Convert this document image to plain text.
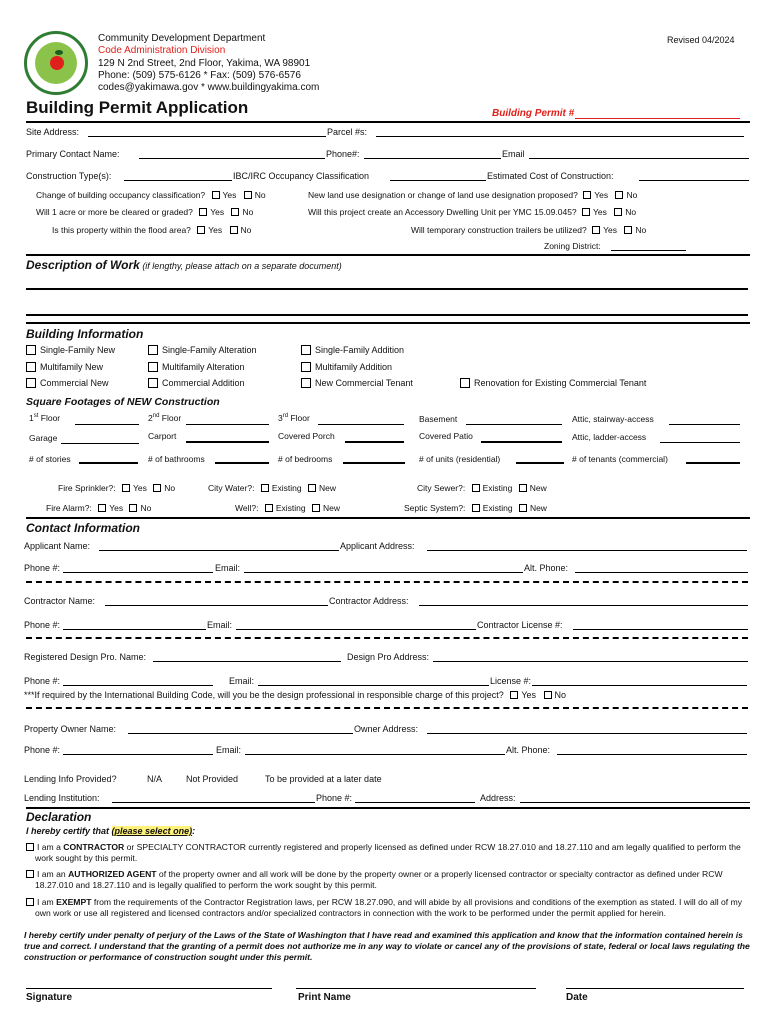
Community Development Department
Code Administration Division
129 N 2nd Street, 2nd Floor, Yakima, WA 98901
Phone: (509) 575-6126 * Fax: (509) 576-6576
codes@yakimawa.gov * www.buildingyakima.com
Revised 04/2024
Building Permit Application	Building Permit #
Site Address:	Parcel #s:
Primary Contact Name:	Phone#:	Email
Construction Type(s):	IBC/IRC Occupancy Classification	Estimated Cost of Construction:
Change of building occupancy classification? Yes No
Will 1 acre or more be cleared or graded? Yes No
Is this property within the flood area? Yes No
New land use designation or change of land use designation proposed? Yes No
Will this project create an Accessory Dwelling Unit per YMC 15.09.045? Yes No
Will temporary construction trailers be utilized? Yes No
Zoning District:
Description of Work (if lengthy, please attach on a separate document)
Building Information
Single-Family New	Single-Family Alteration	Single-Family Addition
Multifamily New	Multifamily Alteration	Multifamily Addition
Commercial New	Commercial Addition	New Commercial Tenant	Renovation for Existing Commercial Tenant
Square Footages of NEW Construction
1st Floor	2nd Floor	3rd Floor	Basement	Attic, stairway-access
Garage	Carport	Covered Porch	Covered Patio	Attic, ladder-access
# of stories	# of bathrooms	# of bedrooms	# of units (residential)	# of tenants (commercial)
Fire Sprinkler?: Yes No
Fire Alarm?: Yes No
City Water?: Existing New
Well?: Existing New
City Sewer?: Existing New
Septic System?: Existing New
Contact Information
Applicant Name:	Applicant Address:
Phone #:	Email:	Alt. Phone:
Contractor Name:	Contractor Address:
Phone #:	Email:	Contractor License #:
Registered Design Pro. Name:	Design Pro Address:
Phone #:	Email:	License #:
***If required by the International Building Code, will you be the design professional in responsible charge of this project? Yes No
Property Owner Name:	Owner Address:
Phone #:	Email:	Alt. Phone:
Lending Info Provided?	N/A	Not Provided	To be provided at a later date
Lending Institution:	Phone #:	Address:
Declaration
I hereby certify that (please select one):
I am a CONTRACTOR or SPECIALTY CONTRACTOR currently registered and properly licensed as defined under RCW 18.27.010 and 18.27.110 and am legally qualified to perform the work sought by this permit.
I am an AUTHORIZED AGENT of the property owner and all work will be done by the property owner or a properly licensed contractor or specialty contractor as defined under RCW 18.27.010 and 18.27.110 and is legally qualified to perform the work sought by this permit.
I am EXEMPT from the requirements of the Contractor Registration laws, per RCW 18.27.090, and will abide by all provisions and conditions of the exemption as stated. I will do all of my own work or use all registered and licensed contractors and/or specialized contractors in connection with the work to be performed under the permit applied for herein.
I hereby certify under penalty of perjury of the Laws of the State of Washington that I have read and examined this application and know that the information contained herein is true and correct. I understand that the granting of a permit does not authorize me in any way to violate or cancel any of the provisions of state, federal or local laws regulating the construction or performance of construction sought under this permit.
Signature	Print Name	Date
